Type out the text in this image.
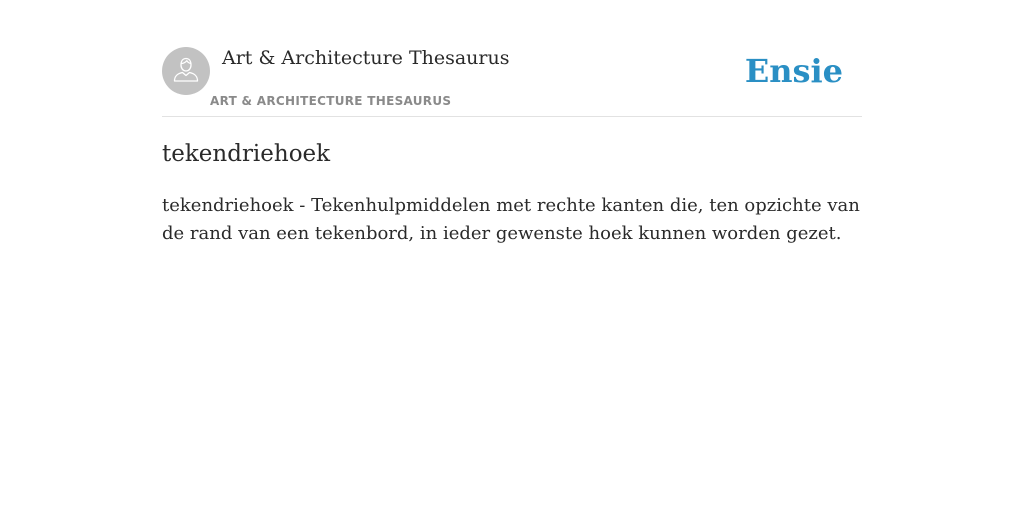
Art & Architecture Thesaurus
ART & ARCHITECTURE THESAURUS
Ensie
tekendriehoek

tekendriehoek - Tekenhulpmiddelen met rechte kanten die, ten opzichte van de rand van een tekenbord, in ieder gewenste hoek kunnen worden gezet.
